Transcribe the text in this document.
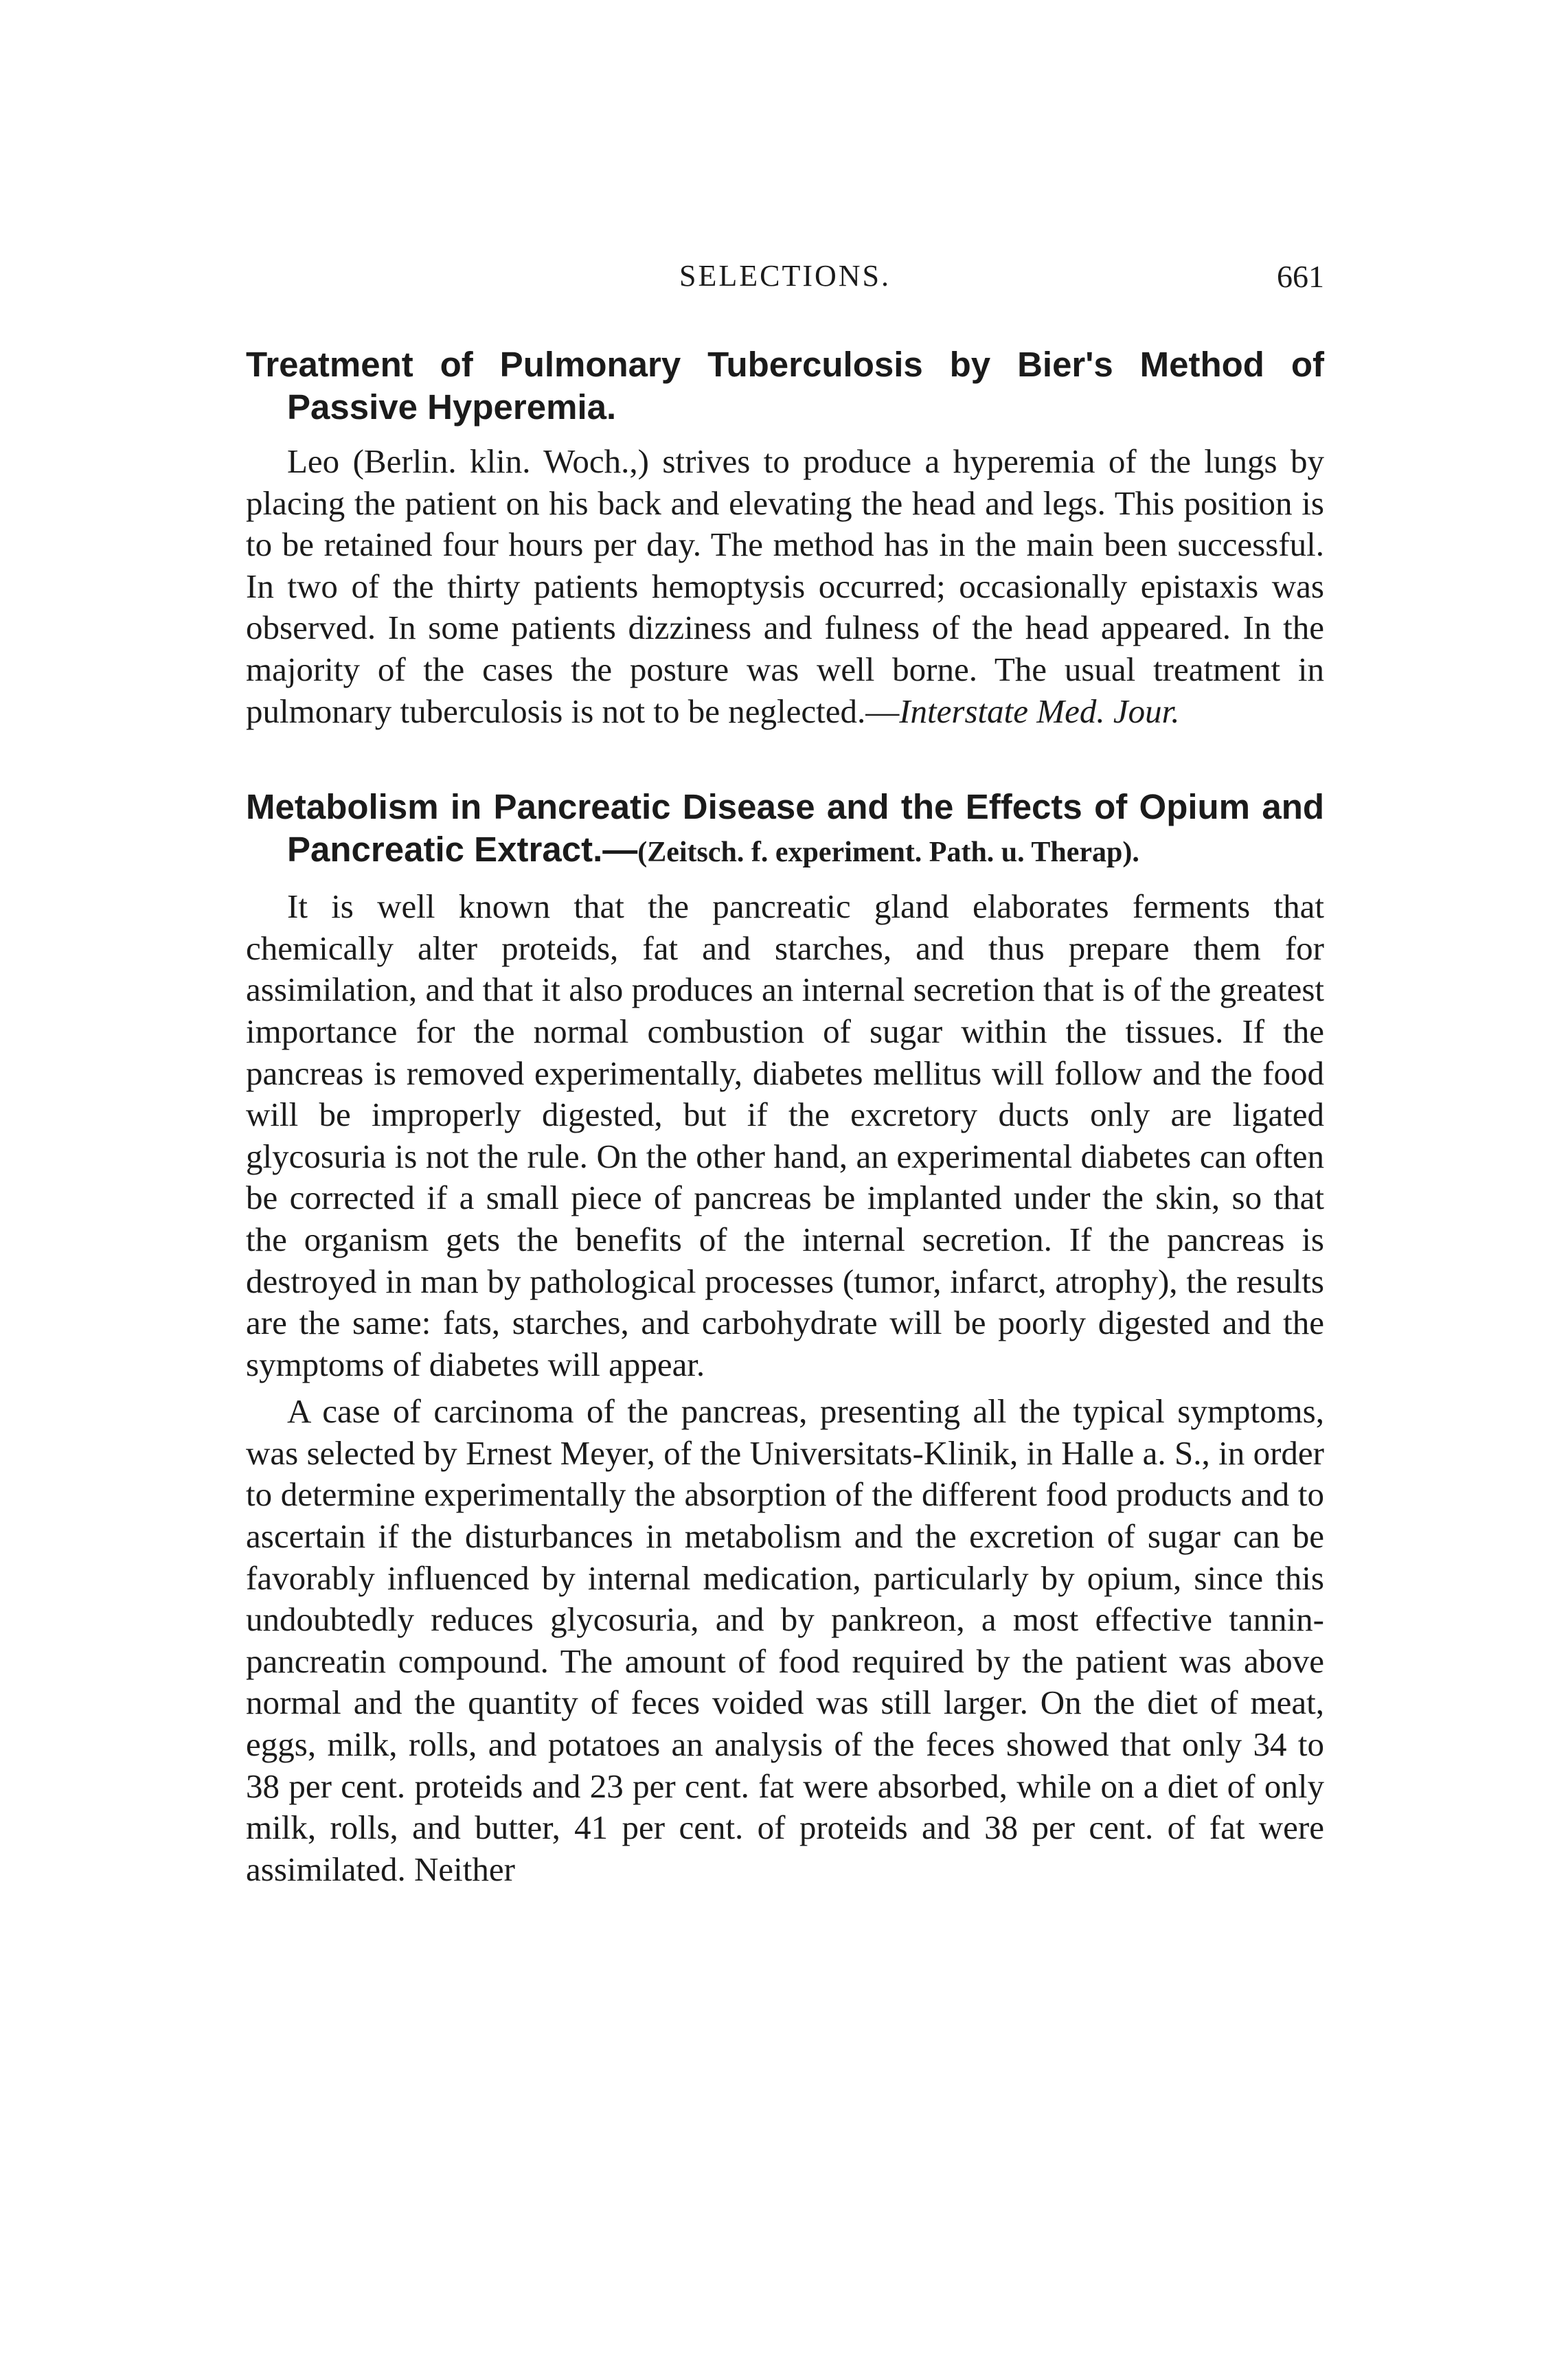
SELECTIONS.	661
Treatment of Pulmonary Tuberculosis by Bier's Method of Passive Hyperemia.

Leo (Berlin. klin. Woch.,) strives to produce a hyperemia of the lungs by placing the patient on his back and elevating the head and legs. This position is to be retained four hours per day. The method has in the main been successful. In two of the thirty patients hemoptysis occurred; occasionally epistaxis was observed. In some patients dizziness and fulness of the head appeared. In the majority of the cases the posture was well borne. The usual treatment in pulmonary tuberculosis is not to be neglected.—Interstate Med. Jour.

Metabolism in Pancreatic Disease and the Effects of Opium and Pancreatic Extract.—(Zeitsch. f. experiment. Path. u. Therap).

It is well known that the pancreatic gland elaborates ferments that chemically alter proteids, fat and starches, and thus prepare them for assimilation, and that it also produces an internal secretion that is of the greatest importance for the normal combustion of sugar within the tissues. If the pancreas is removed experimentally, diabetes mellitus will follow and the food will be improperly digested, but if the excretory ducts only are ligated glycosuria is not the rule. On the other hand, an experimental diabetes can often be corrected if a small piece of pancreas be implanted under the skin, so that the organism gets the benefits of the internal secretion. If the pancreas is destroyed in man by pathological processes (tumor, infarct, atrophy), the results are the same: fats, starches, and carbohydrate will be poorly digested and the symptoms of diabetes will appear.

A case of carcinoma of the pancreas, presenting all the typical symptoms, was selected by Ernest Meyer, of the Universitats-Klinik, in Halle a. S., in order to determine experimentally the absorption of the different food products and to ascertain if the disturbances in metabolism and the excretion of sugar can be favorably influenced by internal medication, particularly by opium, since this undoubtedly reduces glycosuria, and by pankreon, a most effective tannin-pancreatin compound. The amount of food required by the patient was above normal and the quantity of feces voided was still larger. On the diet of meat, eggs, milk, rolls, and potatoes an analysis of the feces showed that only 34 to 38 per cent. proteids and 23 per cent. fat were absorbed, while on a diet of only milk, rolls, and butter, 41 per cent. of proteids and 38 per cent. of fat were assimilated. Neither
